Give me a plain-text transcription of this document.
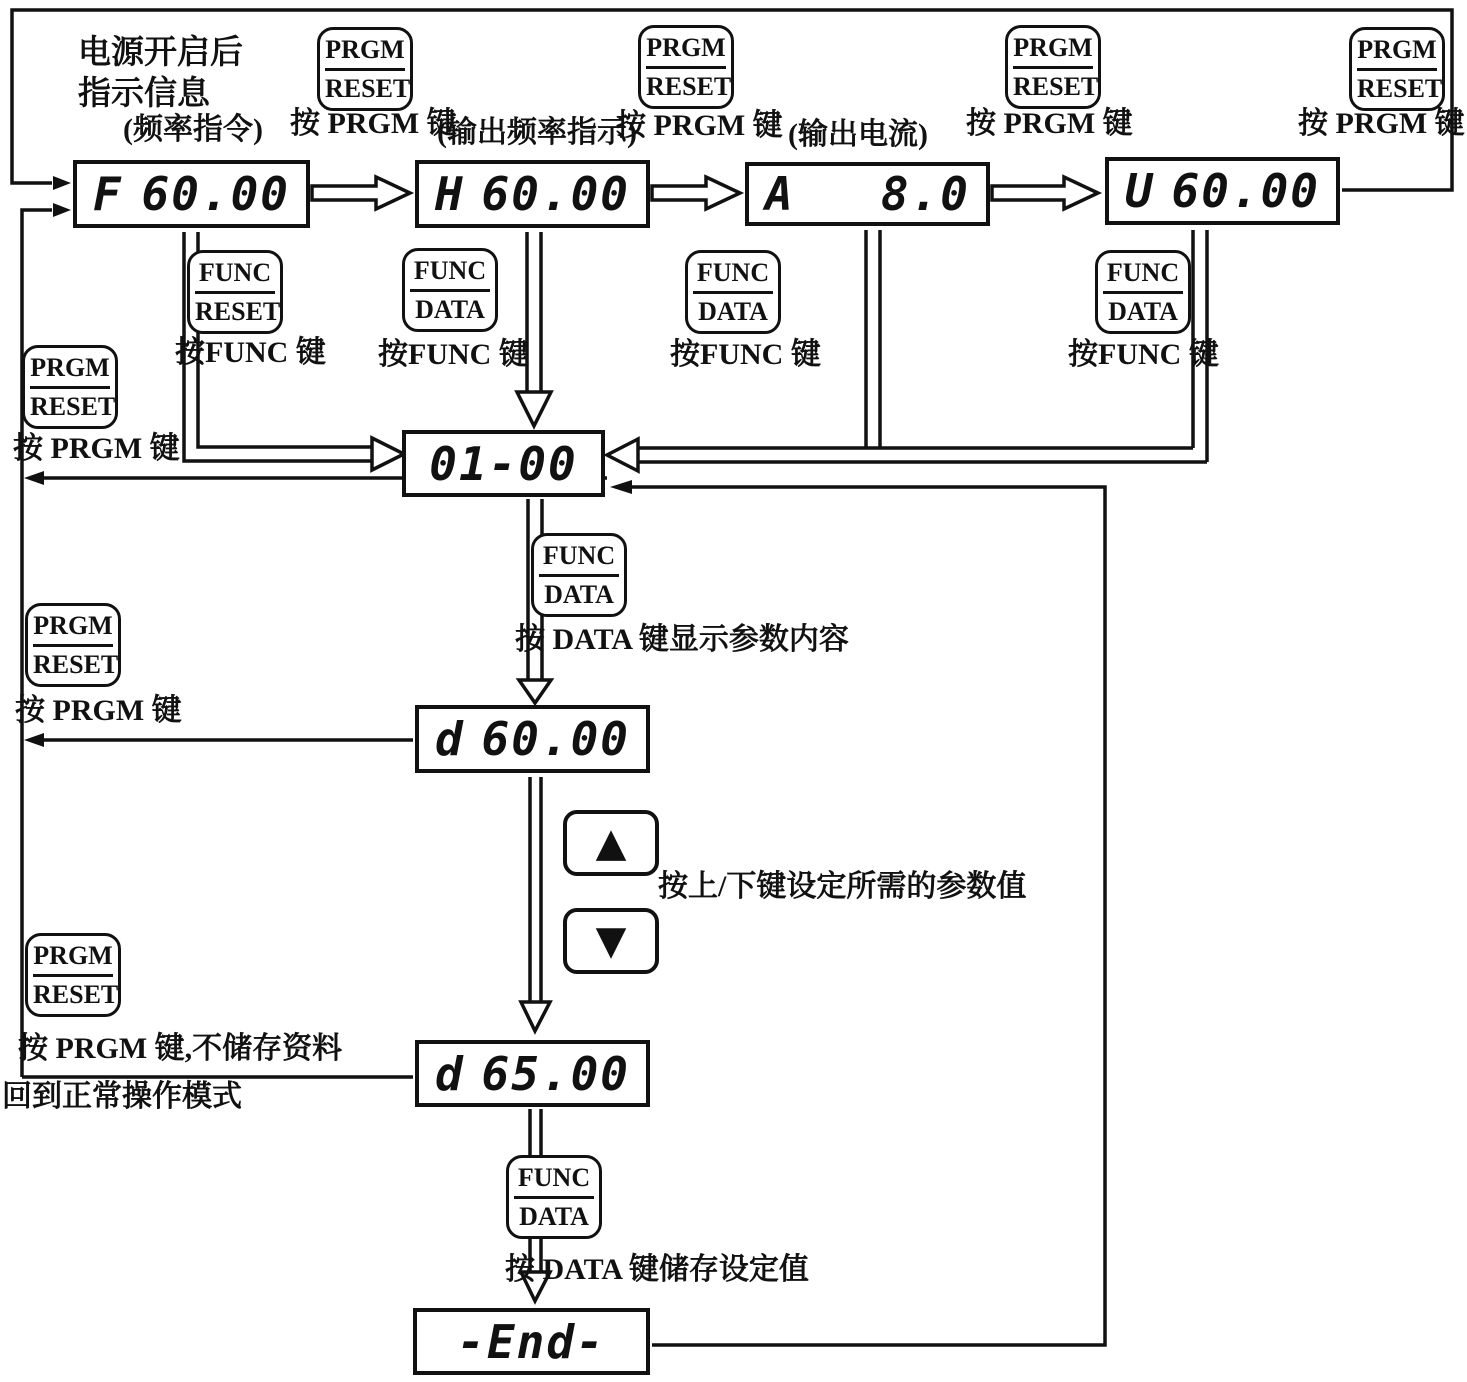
电源开启后
指示信息
(频率指令)	(输出频率指示)	(输出电流)
F 60.00	H 60.00	A 8.0	U 60.00
01-00
d 60.00
d 65.00
-End-
PRGM
RESET
PRGM
RESET
PRGM
RESET
PRGM
RESET
PRGM
RESET
PRGM
RESET
PRGM
RESET
FUNC
RESET
FUNC
DATA
FUNC
DATA
FUNC
DATA
FUNC
DATA
FUNC
DATA
▲
▼
按 PRGM 键	按 PRGM 键	按 PRGM 键	按 PRGM 键
按 PRGM 键
按 PRGM 键
按FUNC 键 按FUNC 键	按FUNC 键	按FUNC 键
按 DATA 键显示参数内容
按上/下键设定所需的参数值
按 PRGM 键,不储存资料
回到正常操作模式
按 DATA 键储存设定值
